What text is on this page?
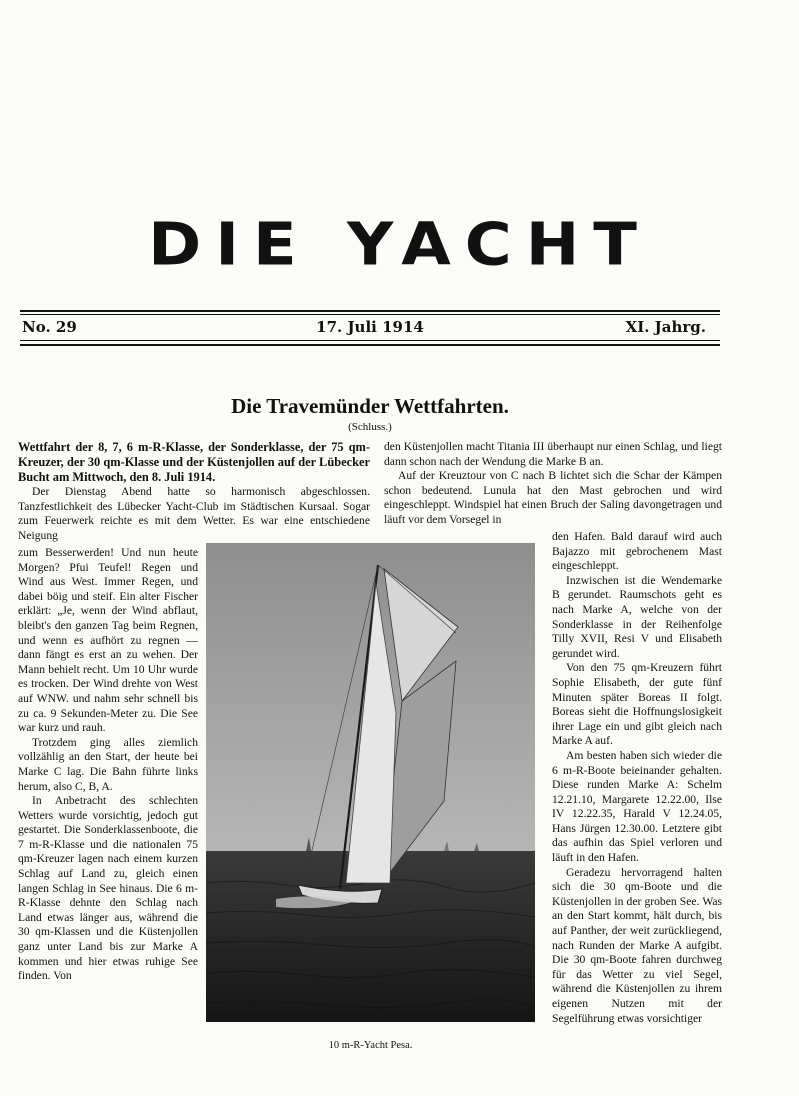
DIE YACHT
No. 29	17. Juli 1914	XI. Jahrg.
Die Travemünder Wettfahrten.
(Schluss.)

Wettfahrt der 8, 7, 6 m-R-Klasse, der Sonderklasse, der 75 qm-Kreuzer, der 30 qm-Klasse und der Küstenjollen auf der Lübecker Bucht am Mittwoch, den 8. Juli 1914.

Der Dienstag Abend hatte so harmonisch abgeschlossen. Tanzfestlichkeit des Lübecker Yacht-Club im Städtischen Kursaal. Sogar zum Feuerwerk reichte es mit dem Wetter. Es war eine entschiedene Neigung

zum Besserwerden! Und nun heute Morgen? Pfui Teufel! Regen und Wind aus West. Immer Regen, und dabei böig und steif. Ein alter Fischer erklärt: „Je, wenn der Wind abflaut, bleibt's den ganzen Tag beim Regnen, und wenn es aufhört zu regnen — dann fängt es erst an zu wehen. Der Mann behielt recht. Um 10 Uhr wurde es trocken. Der Wind drehte von West auf WNW. und nahm sehr schnell bis zu ca. 9 Sekunden-Meter zu. Die See war kurz und rauh.

Trotzdem ging alles ziemlich vollzählig an den Start, der heute bei Marke C lag. Die Bahn führte links herum, also C, B, A.

In Anbetracht des schlechten Wetters wurde vorsichtig, jedoch gut gestartet. Die Sonderklassenboote, die 7 m-R-Klasse und die nationalen 75 qm-Kreuzer lagen nach einem kurzen Schlag auf Land zu, gleich einen langen Schlag in See hinaus. Die 6 m-R-Klasse dehnte den Schlag nach Land etwas länger aus, während die 30 qm-Klassen und die Küstenjollen ganz unter Land bis zur Marke A kommen und hier etwas ruhige See finden. Von

den Küstenjollen macht Titania III überhaupt nur einen Schlag, und liegt dann schon nach der Wendung die Marke B an.

Auf der Kreuztour von C nach B lichtet sich die Schar der Kämpen schon bedeutend. Lunula hat den Mast gebrochen und wird eingeschleppt. Windspiel hat einen Bruch der Saling davongetragen und läuft vor dem Vorsegel in

den Hafen. Bald darauf wird auch Bajazzo mit gebrochenem Mast eingeschleppt.

Inzwischen ist die Wendemarke B gerundet. Raumschots geht es nach Marke A, welche von der Sonderklasse in der Reihenfolge Tilly XVII, Resi V und Elisabeth gerundet wird.

Von den 75 qm-Kreuzern führt Sophie Elisabeth, der gute fünf Minuten später Boreas II folgt. Boreas sieht die Hoffnungslosigkeit ihrer Lage ein und gibt gleich nach Marke A auf.

Am besten haben sich wieder die 6 m-R-Boote beieinander gehalten. Diese runden Marke A: Schelm 12.21.10, Margarete 12.22.00, Ilse IV 12.22.35, Harald V 12.24.05, Hans Jürgen 12.30.00. Letztere gibt das aufhin das Spiel verloren und läuft in den Hafen.

Geradezu hervorragend halten sich die 30 qm-Boote und die Küstenjollen in der groben See. Was an den Start kommt, hält durch, bis auf Panther, der weit zurückliegend, nach Runden der Marke A aufgibt. Die 30 qm-Boote fahren durchweg für das Wetter zu viel Segel, während die Küstenjollen zu ihrem eigenen Nutzen mit der Segelführung etwas vorsichtiger

10 m-R-Yacht Pesa.
